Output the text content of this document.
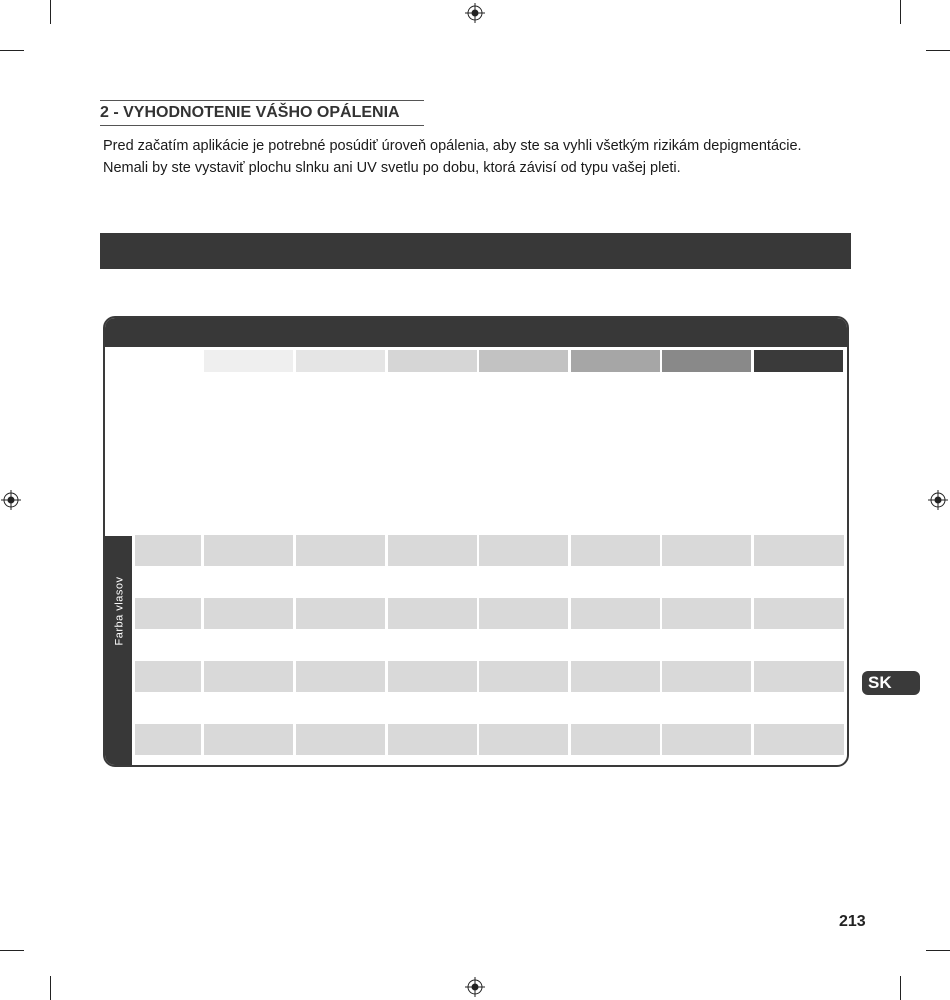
2 - VYHODNOTENIE VÁŠHO OPÁLENIA

Pred začatím aplikácie je potrebné posúdiť úroveň opálenia, aby ste sa vyhli všetkým rizikám depigmentácie.

Nemali by ste vystaviť plochu slnku ani UV svetlu po dobu, ktorá závisí od typu vašej pleti.

Farba vlasov
SK
213
